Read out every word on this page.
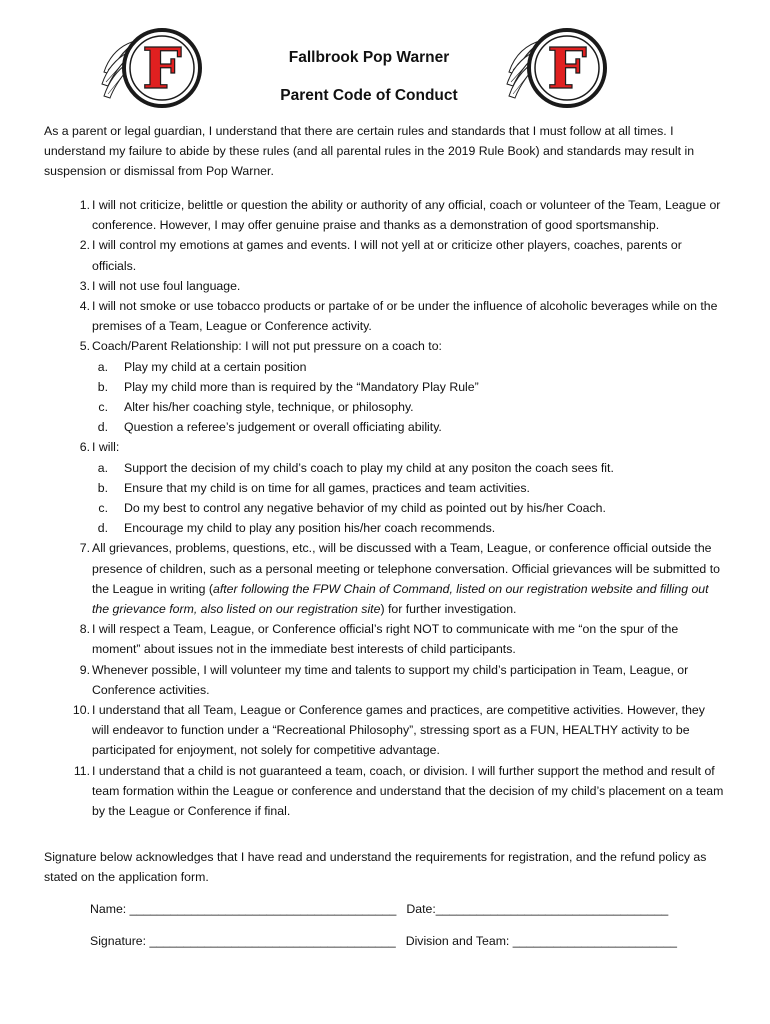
F	F
Fallbrook Pop Warner
Parent Code of Conduct
As a parent or legal guardian, I understand that there are certain rules and standards that I must follow at all times. I understand my failure to abide by these rules (and all parental rules in the 2019 Rule Book) and standards may result in suspension or dismissal from Pop Warner.
1. I will not criticize, belittle or question the ability or authority of any official, coach or volunteer of the Team, League or conference. However, I may offer genuine praise and thanks as a demonstration of good sportsmanship.
2. I will control my emotions at games and events. I will not yell at or criticize other players, coaches, parents or officials.
3. I will not use foul language.
4. I will not smoke or use tobacco products or partake of or be under the influence of alcoholic beverages while on the premises of a Team, League or Conference activity.
5. Coach/Parent Relationship: I will not put pressure on a coach to:
a.	Play my child at a certain position
b.	Play my child more than is required by the “Mandatory Play Rule”
c.	Alter his/her coaching style, technique, or philosophy.
d.	Question a referee’s judgement or overall officiating ability.
6. I will:
a.	Support the decision of my child’s coach to play my child at any positon the coach sees fit.
b.	Ensure that my child is on time for all games, practices and team activities.
c.	Do my best to control any negative behavior of my child as pointed out by his/her Coach.
d.	Encourage my child to play any position his/her coach recommends.
7. All grievances, problems, questions, etc., will be discussed with a Team, League, or conference official outside the presence of children, such as a personal meeting or telephone conversation. Official grievances will be submitted to the League in writing (after following the FPW Chain of Command, listed on our registration website and filling out the grievance form, also listed on our registration site) for further investigation.
8. I will respect a Team, League, or Conference official’s right NOT to communicate with me “on the spur of the moment” about issues not in the immediate best interests of child participants.
9. Whenever possible, I will volunteer my time and talents to support my child’s participation in Team, League, or Conference activities.
10. I understand that all Team, League or Conference games and practices, are competitive activities. However, they will endeavor to function under a “Recreational Philosophy”, stressing sport as a FUN, HEALTHY activity to be participated for enjoyment, not solely for competitive advantage.
11. I understand that a child is not guaranteed a team, coach, or division. I will further support the method and result of team formation within the League or conference and understand that the decision of my child’s placement on a team by the League or Conference if final.
Signature below acknowledges that I have read and understand the requirements for registration, and the refund policy as stated on the application form.
Name: _______________________________________ Date:__________________________________
Signature: ____________________________________ Division and Team: ________________________
